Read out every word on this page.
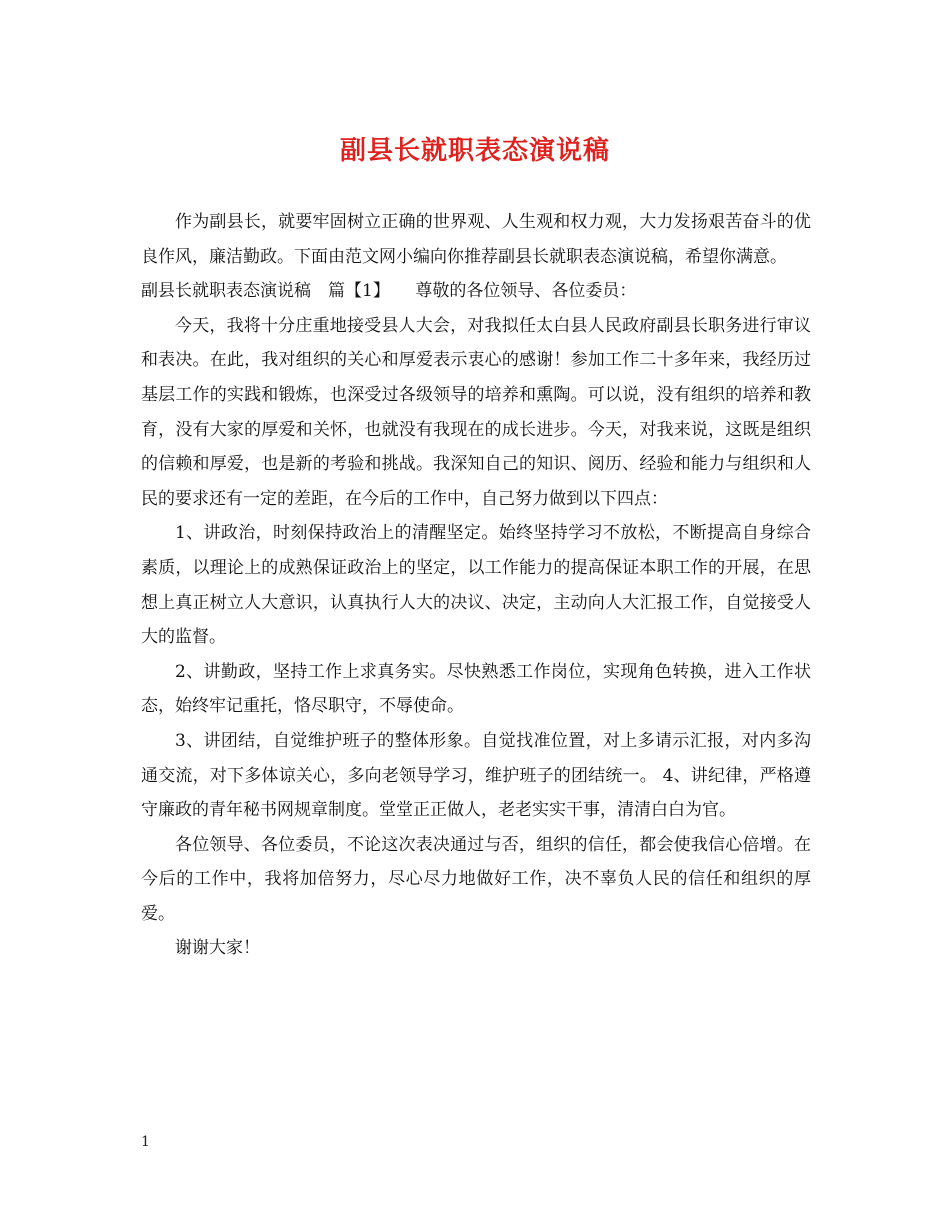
副县长就职表态演说稿

作为副县长，就要牢固树立正确的世界观、人生观和权力观，大力发扬艰苦奋斗的优良作风，廉洁勤政。下面由范文网小编向你推荐副县长就职表态演说稿，希望你满意。

副县长就职表态演说稿　篇【1】　　尊敬的各位领导、各位委员：

今天，我将十分庄重地接受县人大会，对我拟任太白县人民政府副县长职务进行审议和表决。在此，我对组织的关心和厚爱表示衷心的感谢！参加工作二十多年来，我经历过基层工作的实践和锻炼，也深受过各级领导的培养和熏陶。可以说，没有组织的培养和教育，没有大家的厚爱和关怀，也就没有我现在的成长进步。今天，对我来说，这既是组织的信赖和厚爱，也是新的考验和挑战。我深知自己的知识、阅历、经验和能力与组织和人民的要求还有一定的差距，在今后的工作中，自己努力做到以下四点：

1、讲政治，时刻保持政治上的清醒坚定。始终坚持学习不放松，不断提高自身综合素质，以理论上的成熟保证政治上的坚定，以工作能力的提高保证本职工作的开展，在思想上真正树立人大意识，认真执行人大的决议、决定，主动向人大汇报工作，自觉接受人大的监督。

2、讲勤政，坚持工作上求真务实。尽快熟悉工作岗位，实现角色转换，进入工作状态，始终牢记重托，恪尽职守，不辱使命。

3、讲团结，自觉维护班子的整体形象。自觉找准位置，对上多请示汇报，对内多沟通交流，对下多体谅关心，多向老领导学习，维护班子的团结统一。 4、讲纪律，严格遵守廉政的青年秘书网规章制度。堂堂正正做人，老老实实干事，清清白白为官。

各位领导、各位委员，不论这次表决通过与否，组织的信任，都会使我信心倍增。在今后的工作中，我将加倍努力，尽心尽力地做好工作，决不辜负人民的信任和组织的厚爱。

谢谢大家！

1
